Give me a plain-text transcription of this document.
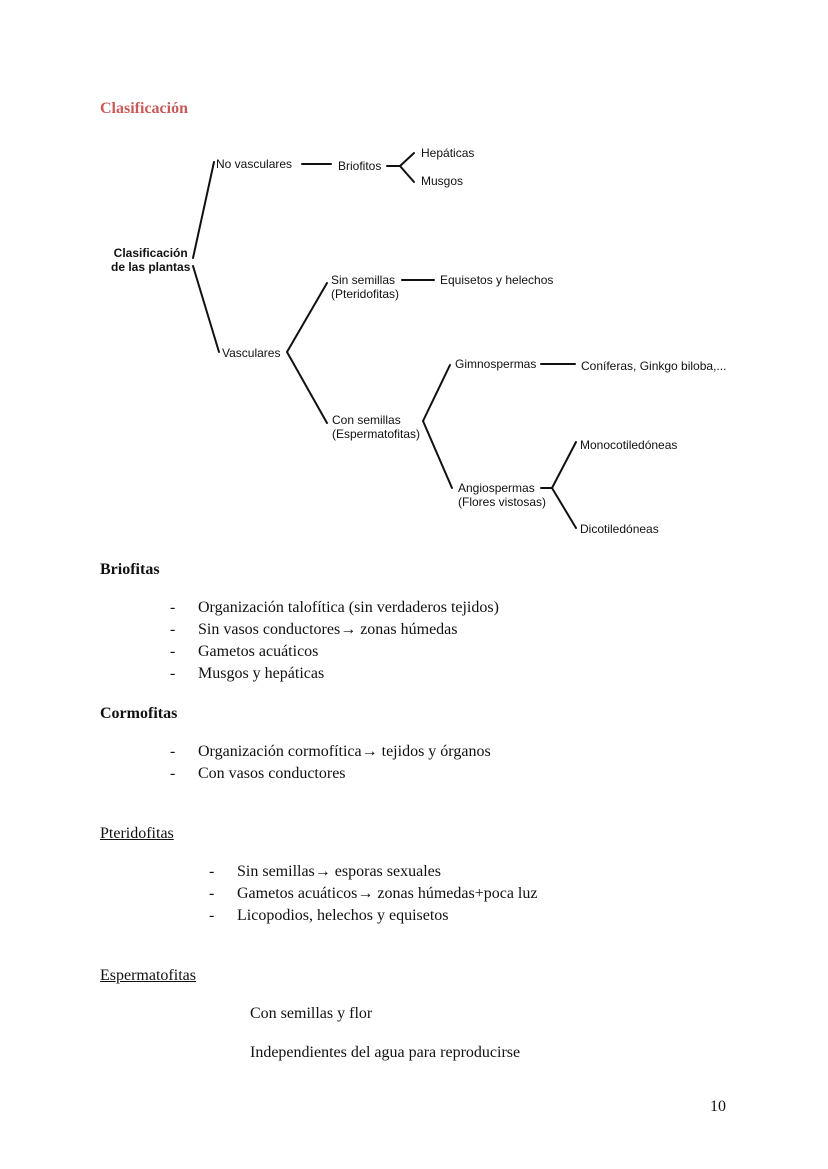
Clasificación
Clasificación
de las plantas
No vasculares	Briofitos
Hepáticas
Musgos
Vasculares
Sin semillas
(Pteridofitas)
Equisetos y helechos
Con semillas
(Espermatofitas)
Gimnospermas	Coníferas, Ginkgo biloba,...
Angiospermas
(Flores vistosas)
Monocotiledóneas
Dicotiledóneas
Briofitas
- Organización talofítica (sin verdaderos tejidos)
- Sin vasos conductores→ zonas húmedas
- Gametos acuáticos
- Musgos y hepáticas
Cormofitas
- Organización cormofítica→ tejidos y órganos
- Con vasos conductores
Pteridofitas
- Sin semillas→ esporas sexuales
- Gametos acuáticos→ zonas húmedas+poca luz
- Licopodios, helechos y equisetos
Espermatofitas
Con semillas y flor
Independientes del agua para reproducirse
10
